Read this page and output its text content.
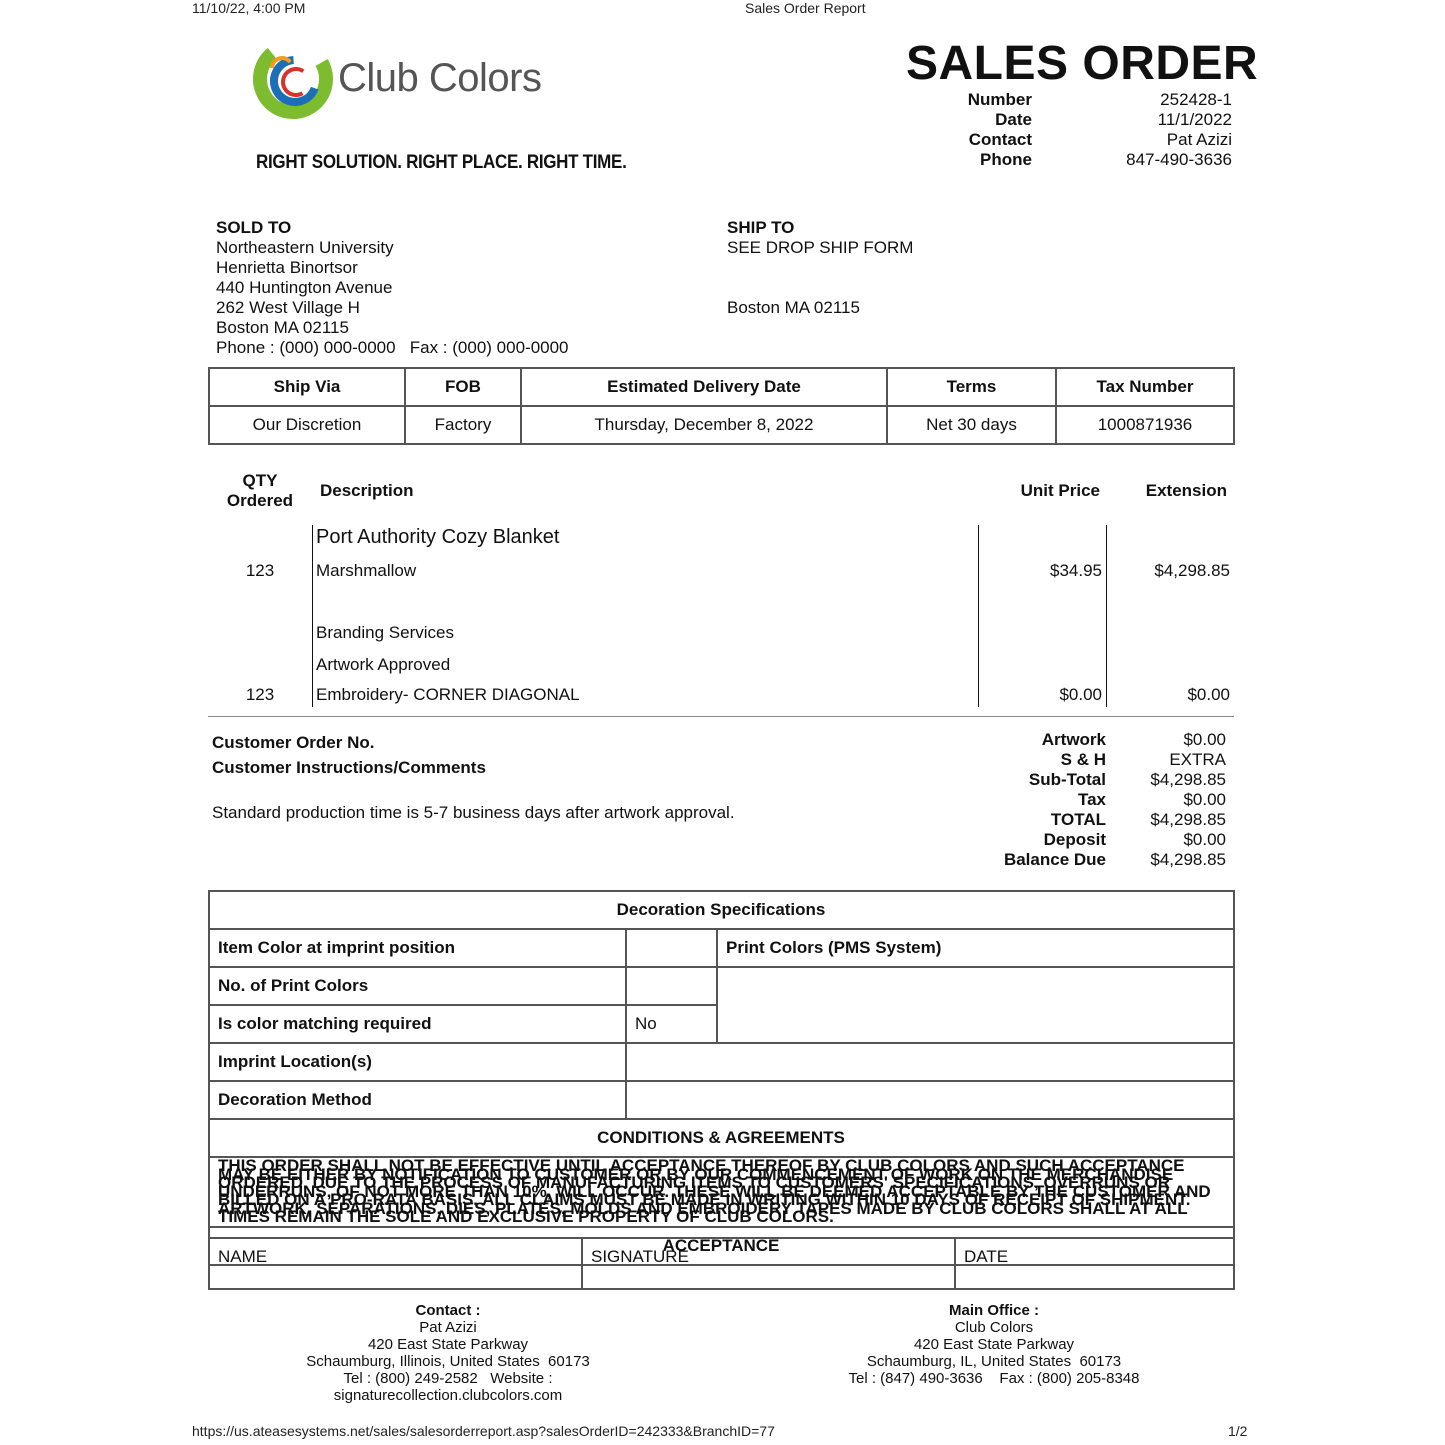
11/10/22, 4:00 PM	Sales Order Report
Club Colors
RIGHT SOLUTION. RIGHT PLACE. RIGHT TIME.
SALES ORDER
Number	252428-1
Date	11/1/2022
Contact	Pat Azizi
Phone	847-490-3636
SOLD TO
Northeastern University
Henrietta Binortsor
440 Huntington Avenue
262 West Village H
Boston MA 02115
Phone : (000) 000-0000   Fax : (000) 000-0000
SHIP TO
SEE DROP SHIP FORM
Boston MA 02115
Ship Via	FOB	Estimated Delivery Date	Terms	Tax Number
Our Discretion	Factory	Thursday, December 8, 2022	Net 30 days	1000871936
QTY
Ordered
Description	Unit Price	Extension
Port Authority Cozy Blanket
123	Marshmallow	$34.95	$4,298.85
Branding Services
Artwork Approved
123	Embroidery- CORNER DIAGONAL	$0.00	$0.00
Customer Order No.
Customer Instructions/Comments
Standard production time is 5-7 business days after artwork approval.
Artwork	$0.00
S & H	EXTRA
Sub-Total	$4,298.85
Tax	$0.00
TOTAL	$4,298.85
Deposit	$0.00
Balance Due	$4,298.85
Decoration Specifications		
Item Color at imprint position		Print Colors (PMS System)
No. of Print Colors		
Is color matching required	No	
Imprint Location(s)		
Decoration Method		
CONDITIONS & AGREEMENTS		
THIS ORDER SHALL NOT BE EFFECTIVE UNTIL ACCEPTANCE THEREOF BY CLUB COLORS AND SUCH ACCEPTANCE MAY BE EITHER BY NOTIFICATION TO CUSTOMER OR BY OUR COMMENCEMENT OF WORK ON THE MERCHANDISE ORDERED. DUE TO THE PROCESS OF MANUFACTURING ITEMS TO CUSTOMERS' SPECIFICATIONS, OVERRUNS OR UNDERRUNS, OF NOT MORE THAN 10%, WILL OCCUR. THESE WILL BE DEEMED ACCEPTABLE BY THE CUSTOMER AND BILLED ON A PRO-RATA BASIS. ALL CLAIMS MUST BE MADE IN WRITING WITHIN 10 DAYS OF RECEIPT OF SHIPMENT. ARTWORK, SEPARATIONS, DIES, PLATES, MOLDS AND EMBROIDERY TAPES MADE BY CLUB COLORS SHALL AT ALL TIMES REMAIN THE SOLE AND EXCLUSIVE PROPERTY OF CLUB COLORS.		
ACCEPTANCE		
NAME	SIGNATURE	DATE
Contact :
Pat Azizi
420 East State Parkway
Schaumburg, Illinois, United States  60173
Tel : (800) 249-2582   Website :
signaturecollection.clubcolors.com
Main Office :
Club Colors
420 East State Parkway
Schaumburg, IL, United States  60173
Tel : (847) 490-3636    Fax : (800) 205-8348
https://us.ateasesystems.net/sales/salesorderreport.asp?salesOrderID=242333&BranchID=77	1/2
